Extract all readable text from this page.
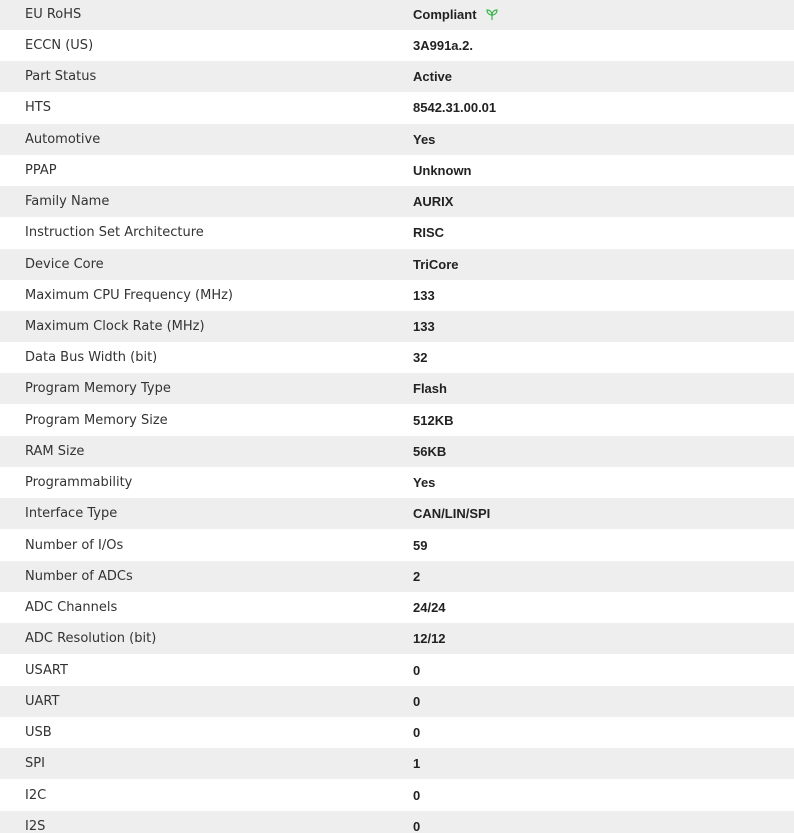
EU RoHS	Compliant
ECCN (US)	3A991a.2.
Part Status	Active
HTS	8542.31.00.01
Automotive	Yes
PPAP	Unknown
Family Name	AURIX
Instruction Set Architecture	RISC
Device Core	TriCore
Maximum CPU Frequency (MHz)	133
Maximum Clock Rate (MHz)	133
Data Bus Width (bit)	32
Program Memory Type	Flash
Program Memory Size	512KB
RAM Size	56KB
Programmability	Yes
Interface Type	CAN/LIN/SPI
Number of I/Os	59
Number of ADCs	2
ADC Channels	24/24
ADC Resolution (bit)	12/12
USART	0
UART	0
USB	0
SPI	1
I2C	0
I2S	0
